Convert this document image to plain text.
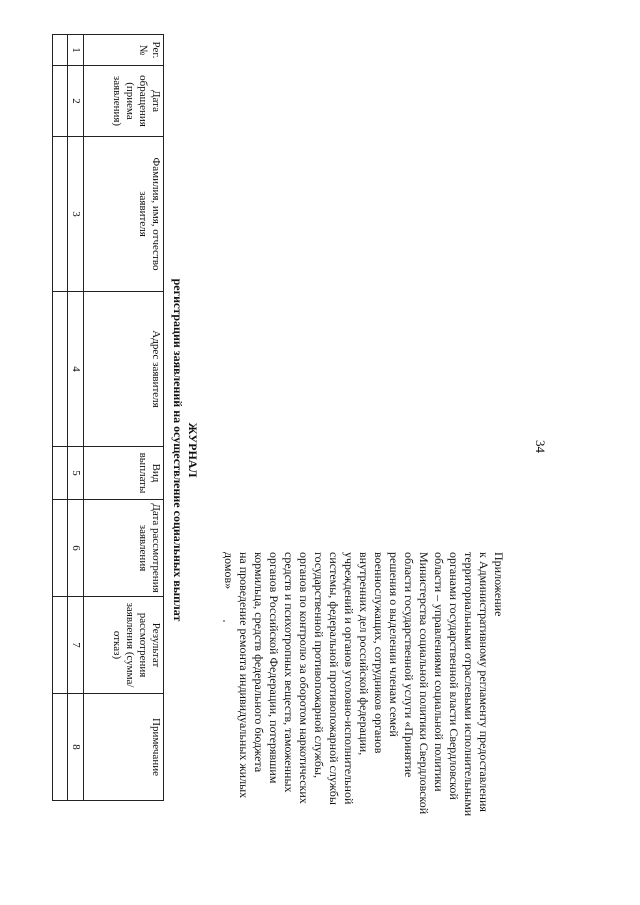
34
Приложение
к Административному регламенту предоставления
территориальными отраслевыми исполнительными
органами государственной власти Свердловской
области – управлениями социальной политики
Министерства социальной политики Свердловской
области государственной услуги «Принятие
решения о выделении членам семей
военнослужащих, сотрудников органов
внутренних дел российской федерации,
учреждений и органов уголовно-исполнительной
системы, федеральной противопожарной службы
государственной противопожарной службы,
органов по контролю за оборотом наркотических
средств и психотропных веществ, таможенных
органов Российской Федерации, потерявшим
кормильца, средств федерального бюджета
на проведение ремонта индивидуальных жилых
домов»
ЖУРНАЛ
регистрации заявлений на осуществление социальных выплат
Рег. №	Дата обращения (приема заявления)	Фамилия, имя, отчество заявителя	Адрес заявителя	Вид выплаты	Дата рассмотрения заявления	Результат рассмотрения заявления (сумма/отказ)	Примечание
1	2	3	4	5	6	7	8
